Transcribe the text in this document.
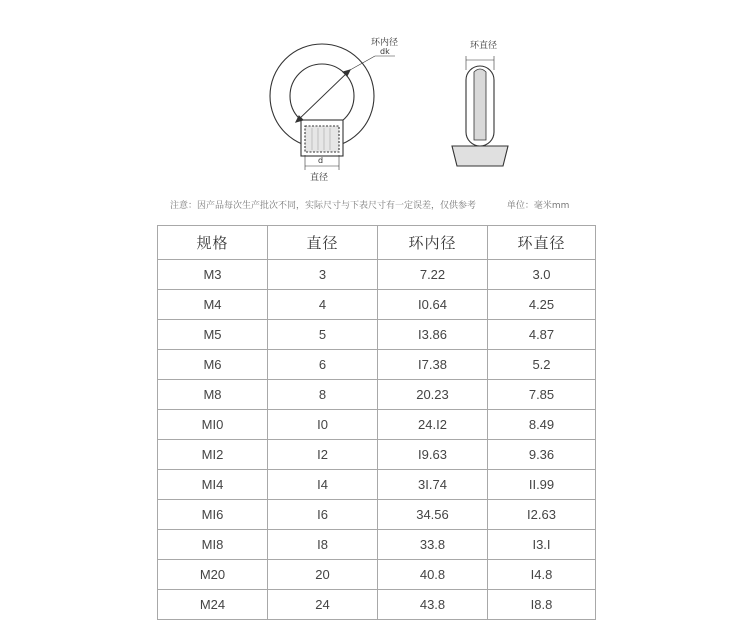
环内径
dk
d
直径
环直径
注意：因产品每次生产批次不同，实际尺寸与下表尺寸有一定误差，仅供参考	单位：毫米mm
规格	直径	环内径	环直径
M3	3	7.22	3.0
M4	4	I0.64	4.25
M5	5	I3.86	4.87
M6	6	I7.38	5.2
M8	8	20.23	7.85
MI0	I0	24.I2	8.49
MI2	I2	I9.63	9.36
MI4	I4	3I.74	II.99
MI6	I6	34.56	I2.63
MI8	I8	33.8	I3.I
M20	20	40.8	I4.8
M24	24	43.8	I8.8
